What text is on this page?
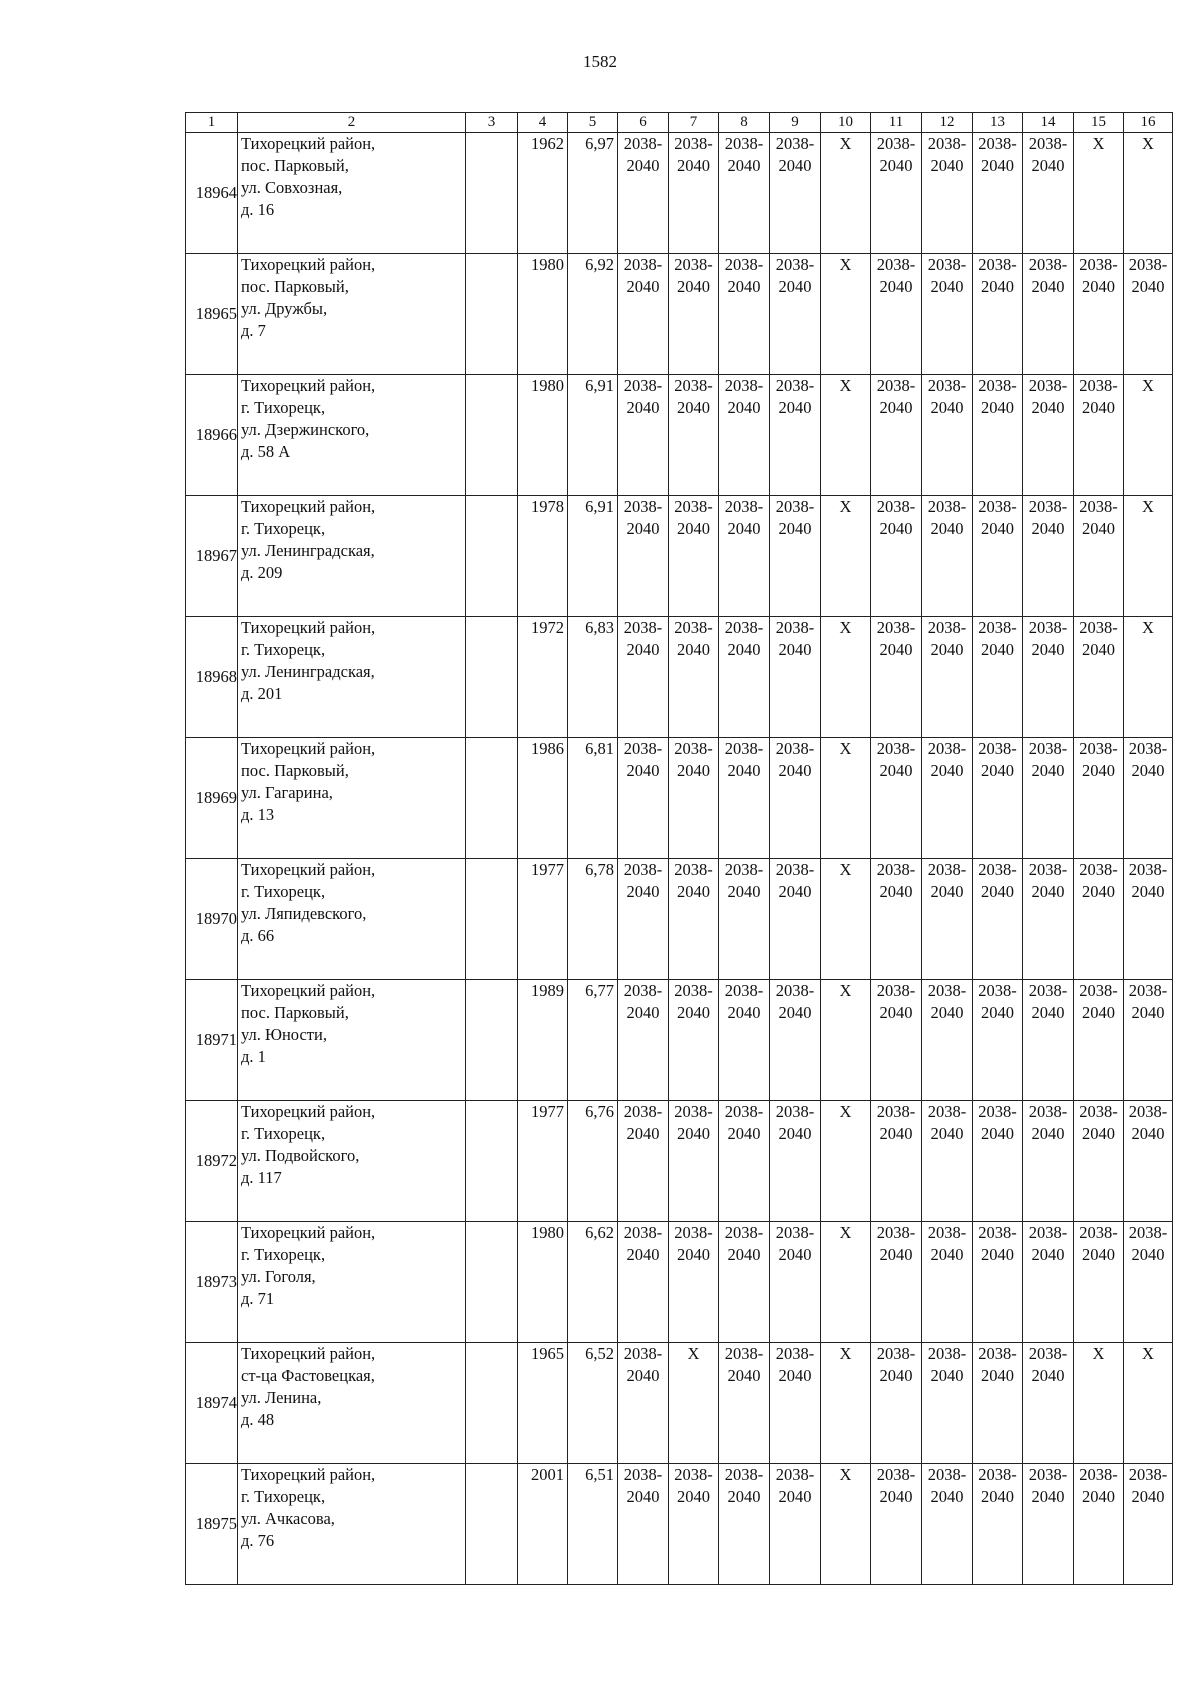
1582
1	2	3	4	5	6	7	8	9	10	11	12	13	14	15	16
18964	Тихорецкий район,
пос. Парковый,
ул. Совхозная,
д. 16		1962	6,97	2038-
2040	2038-
2040	2038-
2040	2038-
2040	X	2038-
2040	2038-
2040	2038-
2040	2038-
2040	X	X
18965	Тихорецкий район,
пос. Парковый,
ул. Дружбы,
д. 7		1980	6,92	2038-
2040	2038-
2040	2038-
2040	2038-
2040	X	2038-
2040	2038-
2040	2038-
2040	2038-
2040	2038-
2040	2038-
2040

18966	Тихорецкий район,
г. Тихорецк,
ул. Дзержинского,
д. 58 А		1980	6,91	2038-
2040	2038-
2040	2038-
2040	2038-
2040	X	2038-
2040	2038-
2040	2038-
2040	2038-
2040	2038-
2040	X
18967	Тихорецкий район,
г. Тихорецк,
ул. Ленинградская,
д. 209		1978	6,91	2038-
2040	2038-
2040	2038-
2040	2038-
2040	X	2038-
2040	2038-
2040	2038-
2040	2038-
2040	2038-
2040	X
18968	Тихорецкий район,
г. Тихорецк,
ул. Ленинградская,
д. 201		1972	6,83	2038-
2040	2038-
2040	2038-
2040	2038-
2040	X	2038-
2040	2038-
2040	2038-
2040	2038-
2040	2038-
2040	X
18969	Тихорецкий район,
пос. Парковый,
ул. Гагарина,
д. 13		1986	6,81	2038-
2040	2038-
2040	2038-
2040	2038-
2040	X	2038-
2040	2038-
2040	2038-
2040	2038-
2040	2038-
2040	2038-
2040

18970	Тихорецкий район,
г. Тихорецк,
ул. Ляпидевского,
д. 66		1977	6,78	2038-
2040	2038-
2040	2038-
2040	2038-
2040	X	2038-
2040	2038-
2040	2038-
2040	2038-
2040	2038-
2040	2038-
2040

18971	Тихорецкий район,
пос. Парковый,
ул. Юности,
д. 1		1989	6,77	2038-
2040	2038-
2040	2038-
2040	2038-
2040	X	2038-
2040	2038-
2040	2038-
2040	2038-
2040	2038-
2040	2038-
2040

18972	Тихорецкий район,
г. Тихорецк,
ул. Подвойского,
д. 117		1977	6,76	2038-
2040	2038-
2040	2038-
2040	2038-
2040	X	2038-
2040	2038-
2040	2038-
2040	2038-
2040	2038-
2040	2038-
2040

18973	Тихорецкий район,
г. Тихорецк,
ул. Гоголя,
д. 71		1980	6,62	2038-
2040	2038-
2040	2038-
2040	2038-
2040	X	2038-
2040	2038-
2040	2038-
2040	2038-
2040	2038-
2040	2038-
2040

18974	Тихорецкий район,
ст-ца Фастовецкая,
ул. Ленина,
д. 48		1965	6,52	2038-
2040	X	2038-
2040	2038-
2040	X	2038-
2040	2038-
2040	2038-
2040	2038-
2040	X	X
18975	Тихорецкий район,
г. Тихорецк,
ул. Ачкасова,
д. 76		2001	6,51	2038-
2040	2038-
2040	2038-
2040	2038-
2040	X	2038-
2040	2038-
2040	2038-
2040	2038-
2040	2038-
2040	2038-
2040
